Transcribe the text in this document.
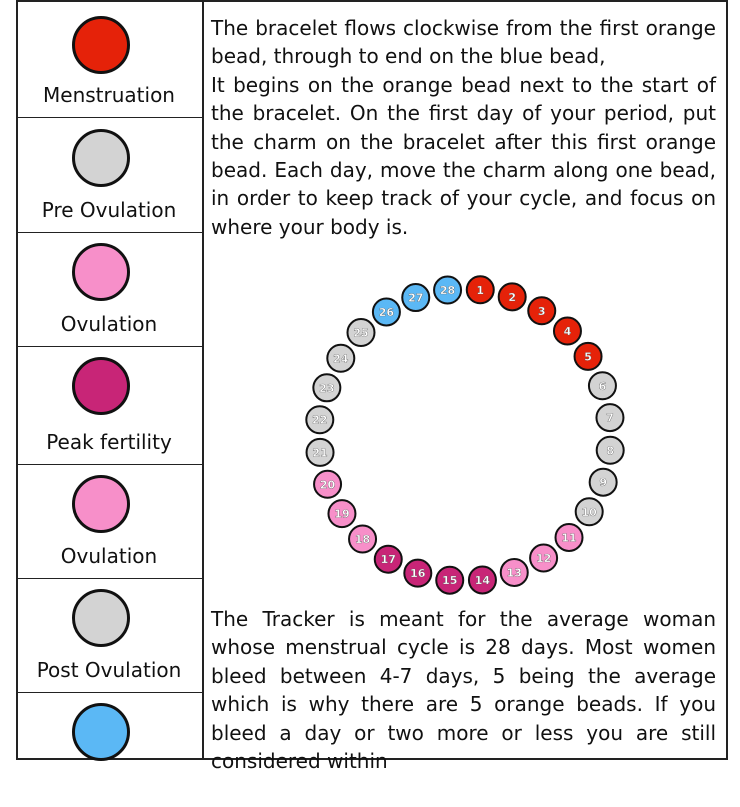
Menstruation
Pre Ovulation
Ovulation
Peak fertility
Ovulation
Post Ovulation

The bracelet flows clockwise from the first orange bead, through to end on the blue bead,

It begins on the orange bead next to the start of the bracelet. On the first day of your period, put the charm on the bracelet after this first orange bead. Each day, move the charm along one bead, in order to keep track of your cycle, and focus on where your body is.

1
2
3
4
5
6
7
8
9
10
11
12
13
14
15
16
17
18
19
20
21
22
23
24
25
26
27
28

The Tracker is meant for the average woman whose menstrual cycle is 28 days. Most women bleed between 4-7 days, 5 being the average which is why there are 5 orange beads. If you bleed a day or two more or less you are still considered within
